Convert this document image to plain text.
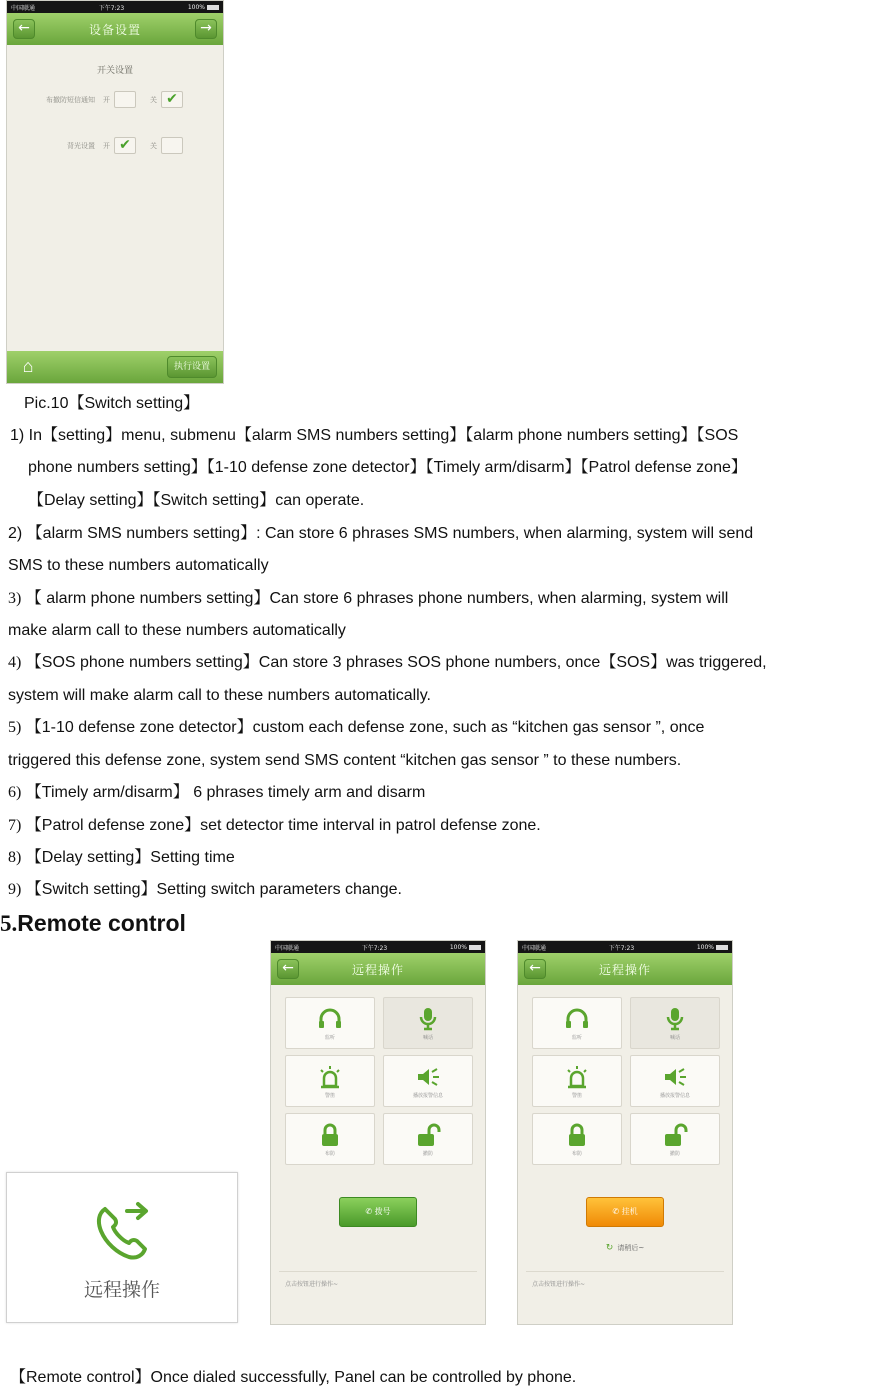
中国联通	下午7:23	100%
←	设备设置	→
开关设置
布撤防短信通知	开	关 ✔
背光设置	开 ✔	关
⌂	执行设置
Pic.10【Switch setting】
1) In【setting】menu, submenu【alarm SMS numbers setting】【alarm phone numbers setting】【SOS
phone numbers setting】【1-10 defense zone detector】【Timely arm/disarm】【Patrol defense zone】
【Delay setting】【Switch setting】can operate.
2) 【alarm SMS numbers setting】: Can store 6 phrases SMS numbers, when alarming, system will send
SMS to these numbers automatically
3) 【 alarm phone numbers setting】Can store 6 phrases phone numbers, when alarming, system will
make alarm call to these numbers automatically
4) 【SOS phone numbers setting】Can store 3 phrases SOS phone numbers, once【SOS】was triggered,
system will make alarm call to these numbers automatically.
5) 【1-10 defense zone detector】custom each defense zone, such as “kitchen gas sensor ”, once
triggered this defense zone, system send SMS content “kitchen gas sensor ” to these numbers.
6) 【Timely arm/disarm】 6 phrases timely arm and disarm
7) 【Patrol defense zone】set detector time interval in patrol defense zone.
8) 【Delay setting】Setting time
9) 【Switch setting】Setting switch parameters change.
5.Remote control
远程操作
中国联通	下午7:23	100%
←	远程操作
监听	喊话
警笛	播放报警信息
布防	撤防
✆ 拨号
点击按钮进行操作~
中国联通	下午7:23	100%
←	远程操作
监听	喊话
警笛	播放报警信息
布防	撤防
✆ 挂机
↻ 请稍后~
点击按钮进行操作~
【Remote control】Once dialed successfully, Panel can be controlled by phone.
